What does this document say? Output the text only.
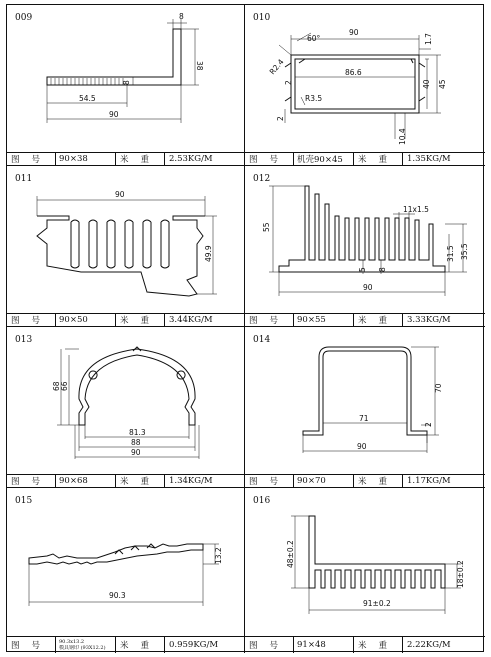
009	8
38
8
54.5
90
图号 90×38	米重 2.53KG/M
010
90
60°	1.7
R2.4
2
86.6
40 45
R3.5
2
10.4
图号 机壳90×45	米重 1.35KG/M
011
90
49.9
图号 90×50	米重 3.44KG/M
012
11x1.5
55
31.5 35.5
5 8
90
图号 90×55	米重 3.33KG/M
013
68 66
81.3
88
90
图号 90×68	米重 1.34KG/M
014
70
71
2
90
图号 90×70	米重 1.17KG/M
015
13.2
90.3
图号	90.3x13.2
模具钢印 (93X12.2)	米重 0.959KG/M
016
48±0.2
18±0.2
91±0.2
图号 91×48	米重 2.22KG/M
